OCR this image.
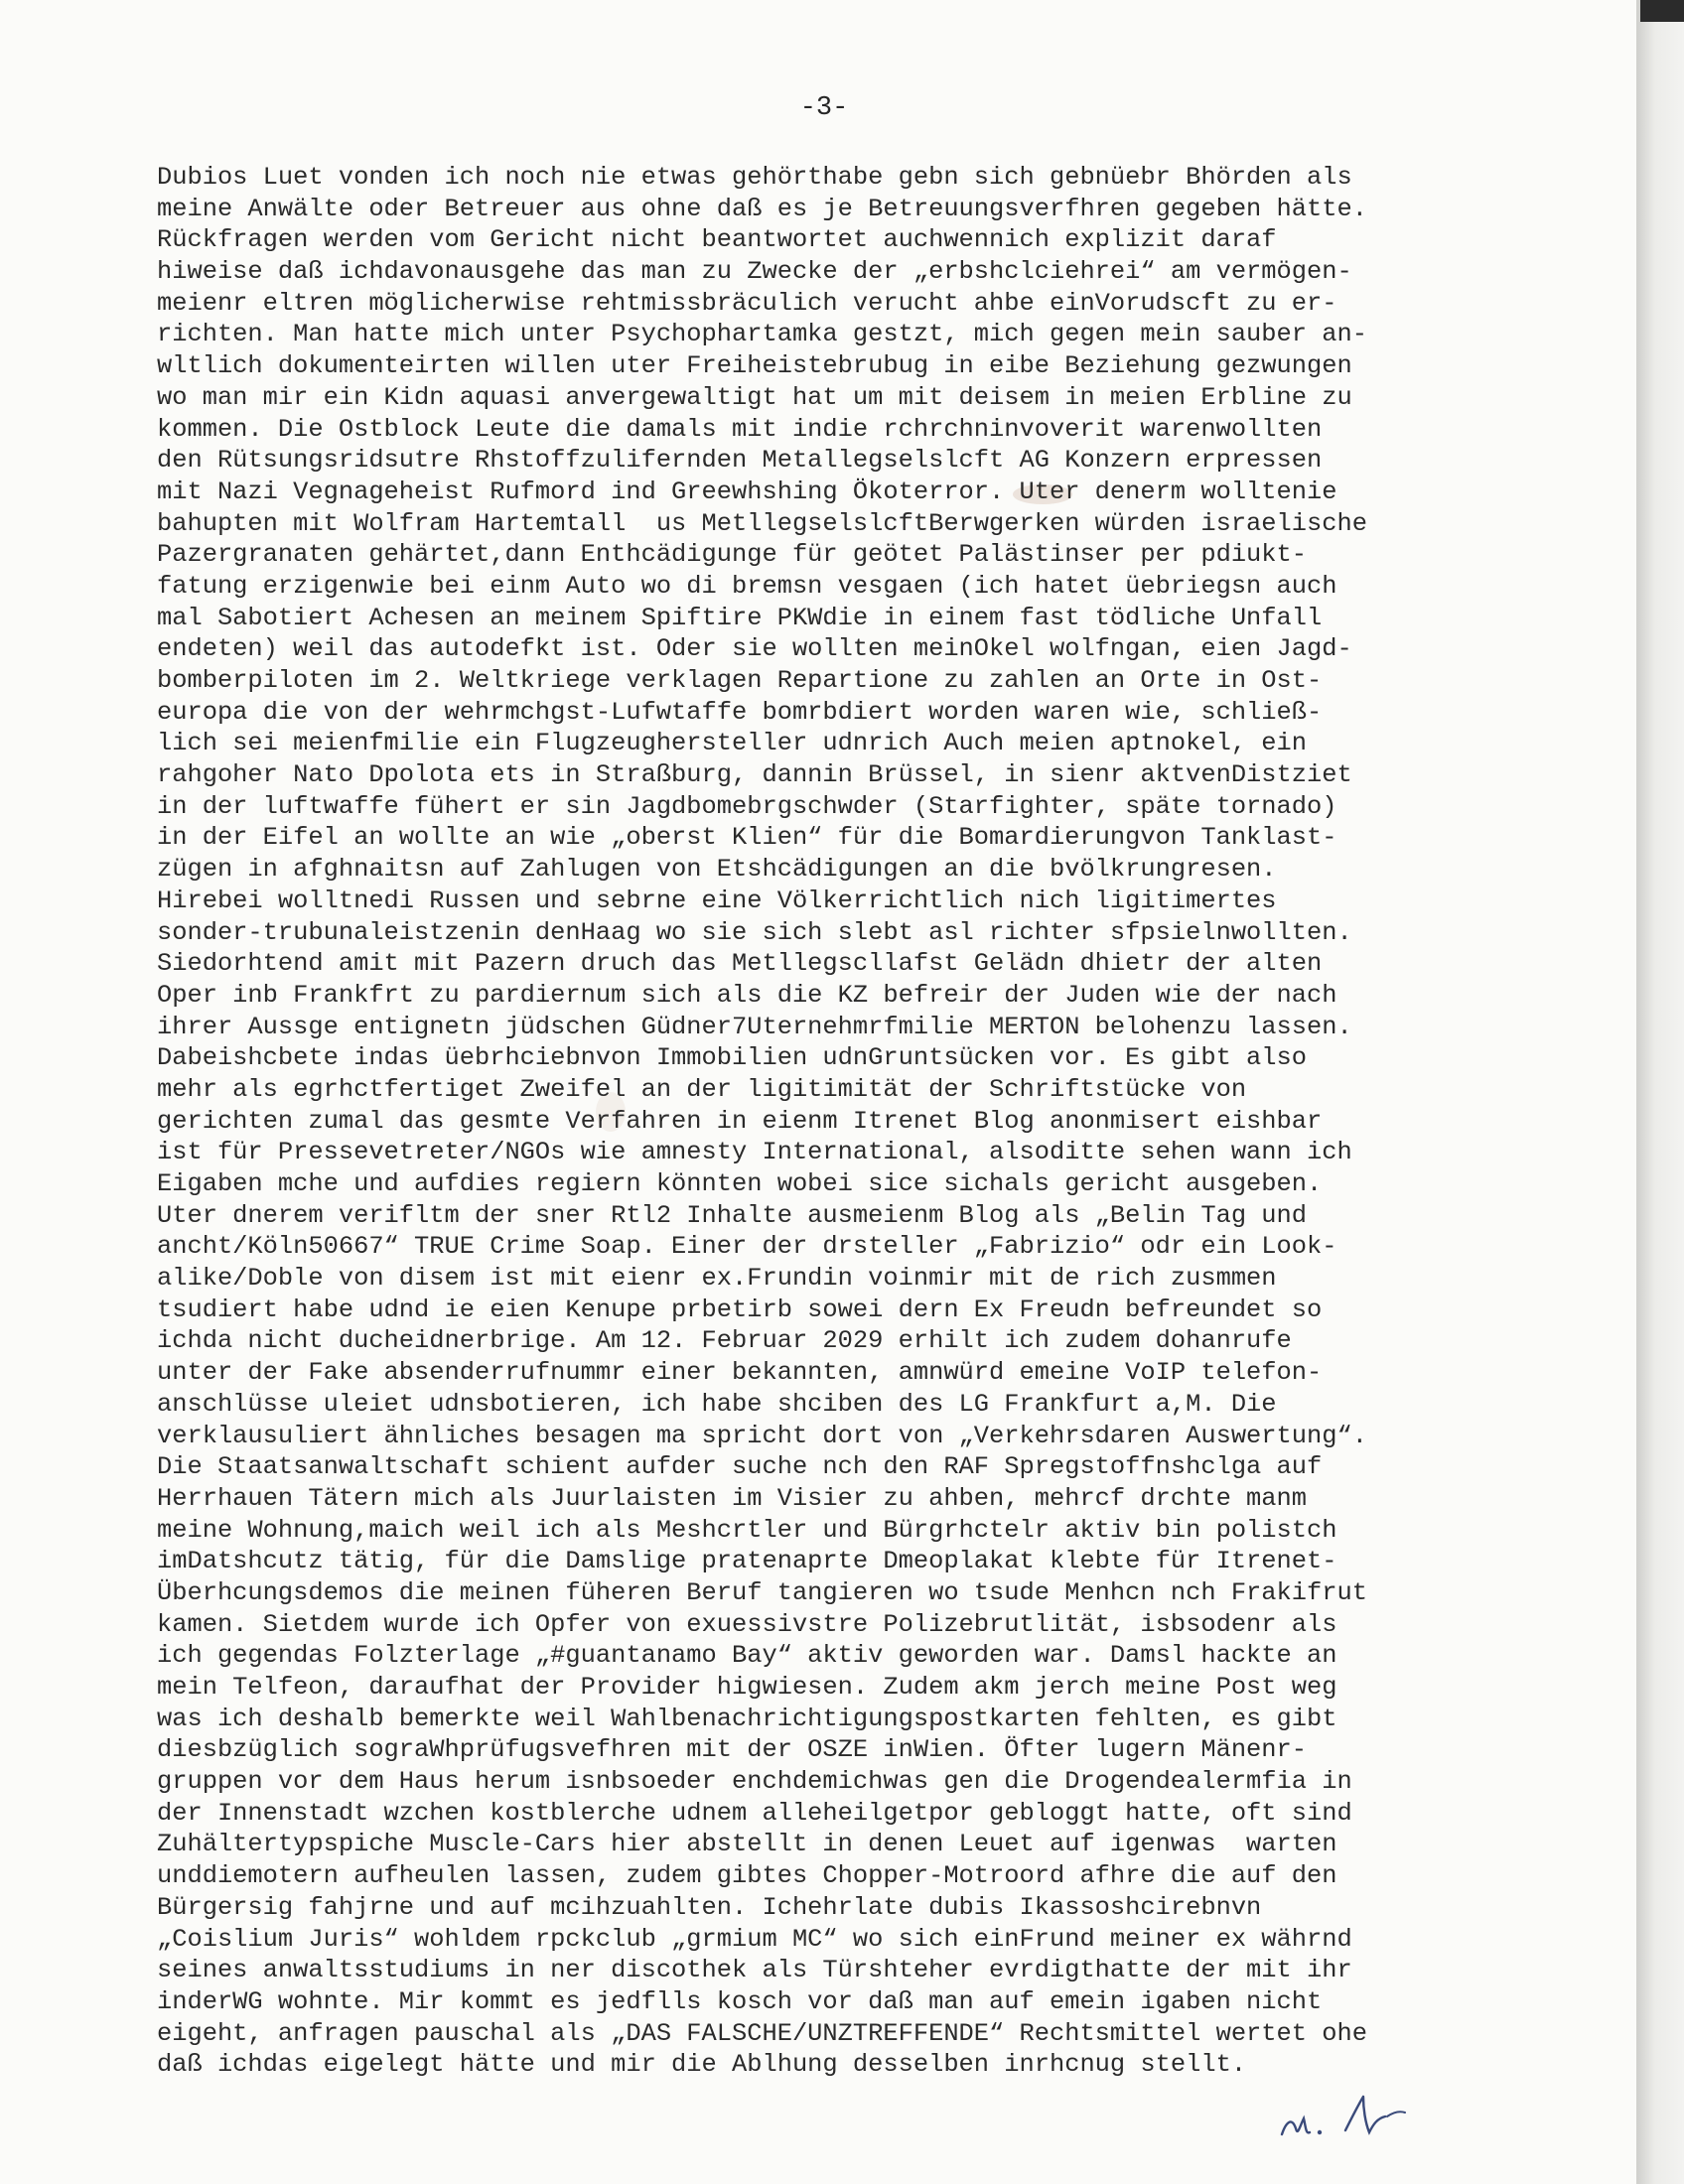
-3-

Dubios Luet vonden ich noch nie etwas gehörthabe gebn sich gebnüebr Bhörden als
meine Anwälte oder Betreuer aus ohne daß es je Betreuungsverfhren gegeben hätte.
Rückfragen werden vom Gericht nicht beantwortet auchwennich explizit daraf
hiweise daß ichdavonausgehe das man zu Zwecke der „erbshclciehrei“ am vermögen-
meienr eltren möglicherwise rehtmissbräculich verucht ahbe einVorudscft zu er-
richten. Man hatte mich unter Psychophartamka gestzt, mich gegen mein sauber an-
wltlich dokumenteirten willen uter Freiheistebrubug in eibe Beziehung gezwungen
wo man mir ein Kidn aquasi anvergewaltigt hat um mit deisem in meien Erbline zu
kommen. Die Ostblock Leute die damals mit indie rchrchninvoverit warenwollten
den Rütsungsridsutre Rhstoffzulifernden Metallegselslcft AG Konzern erpressen
mit Nazi Vegnageheist Rufmord ind Greewhshing Ökoterror. Uter denerm wolltenie
bahupten mit Wolfram Hartemtall  us MetllegselslcftBerwgerken würden israelische
Pazergranaten gehärtet,dann Enthcädigunge für geötet Palästinser per pdiukt-
fatung erzigenwie bei einm Auto wo di bremsn vesgaen (ich hatet üebriegsn auch
mal Sabotiert Achesen an meinem Spiftire PKWdie in einem fast tödliche Unfall
endeten) weil das autodefkt ist. Oder sie wollten meinOkel wolfngan, eien Jagd-
bomberpiloten im 2. Weltkriege verklagen Repartione zu zahlen an Orte in Ost-
europa die von der wehrmchgst-Lufwtaffe bomrbdiert worden waren wie, schließ-
lich sei meienfmilie ein Flugzeughersteller udnrich Auch meien aptnokel, ein
rahgoher Nato Dpolota ets in Straßburg, dannin Brüssel, in sienr aktvenDistziet
in der luftwaffe fühert er sin Jagdbomebrgschwder (Starfighter, späte tornado)
in der Eifel an wollte an wie „oberst Klien“ für die Bomardierungvon Tanklast-
zügen in afghnaitsn auf Zahlugen von Etshcädigungen an die bvölkrungresen.
Hirebei wolltnedi Russen und sebrne eine Völkerrichtlich nich ligitimertes
sonder-trubunaleistzenin denHaag wo sie sich slebt asl richter sfpsielnwollten.
Siedorhtend amit mit Pazern druch das Metllegscllafst Gelädn dhietr der alten
Oper inb Frankfrt zu pardiernum sich als die KZ befreir der Juden wie der nach
ihrer Aussge entignetn jüdschen Güdner7Uternehmrfmilie MERTON belohenzu lassen.
Dabeishcbete indas üebrhciebnvon Immobilien udnGruntsücken vor. Es gibt also
mehr als egrhctfertiget Zweifel an der ligitimität der Schriftstücke von
gerichten zumal das gesmte Verfahren in eienm Itrenet Blog anonmisert eishbar
ist für Pressevetreter/NGOs wie amnesty International, alsoditte sehen wann ich
Eigaben mche und aufdies regiern könnten wobei sice sichals gericht ausgeben.
Uter dnerem verifltm der sner Rtl2 Inhalte ausmeienm Blog als „Belin Tag und
ancht/Köln50667“ TRUE Crime Soap. Einer der drsteller „Fabrizio“ odr ein Look-
alike/Doble von disem ist mit eienr ex.Frundin voinmir mit de rich zusmmen
tsudiert habe udnd ie eien Kenupe prbetirb sowei dern Ex Freudn befreundet so
ichda nicht ducheidnerbrige. Am 12. Februar 2029 erhilt ich zudem dohanrufe
unter der Fake absenderrufnummr einer bekannten, amnwürd emeine VoIP telefon-
anschlüsse uleiet udnsbotieren, ich habe shciben des LG Frankfurt a,M. Die
verklausuliert ähnliches besagen ma spricht dort von „Verkehrsdaren Auswertung“.
Die Staatsanwaltschaft schient aufder suche nch den RAF Spregstoffnshclga auf
Herrhauen Tätern mich als Juurlaisten im Visier zu ahben, mehrcf drchte manm
meine Wohnung,maich weil ich als Meshcrtler und Bürgrhctelr aktiv bin polistch
imDatshcutz tätig, für die Damslige pratenaprte Dmeoplakat klebte für Itrenet-
Überhcungsdemos die meinen füheren Beruf tangieren wo tsude Menhcn nch Frakifrut
kamen. Sietdem wurde ich Opfer von exuessivstre Polizebrutlität, isbsodenr als
ich gegendas Folzterlage „#guantanamo Bay“ aktiv geworden war. Damsl hackte an
mein Telfeon, daraufhat der Provider higwiesen. Zudem akm jerch meine Post weg
was ich deshalb bemerkte weil Wahlbenachrichtigungspostkarten fehlten, es gibt
diesbzüglich sograWhprüfugsvefhren mit der OSZE inWien. Öfter lugern Mänenr-
gruppen vor dem Haus herum isnbsoeder enchdemichwas gen die Drogendealermfia in
der Innenstadt wzchen kostblerche udnem alleheilgetpor gebloggt hatte, oft sind
Zuhältertypspiche Muscle-Cars hier abstellt in denen Leuet auf igenwas  warten
unddiemotern aufheulen lassen, zudem gibtes Chopper-Motroord afhre die auf den
Bürgersig fahjrne und auf mcihzuahlten. Ichehrlate dubis Ikassoshcirebnvn
„Coislium Juris“ wohldem rpckclub „grmium MC“ wo sich einFrund meiner ex währnd
seines anwaltsstudiums in ner discothek als Türshteher evrdigthatte der mit ihr
inderWG wohnte. Mir kommt es jedflls kosch vor daß man auf emein igaben nicht
eigeht, anfragen pauschal als „DAS FALSCHE/UNZTREFFENDE“ Rechtsmittel wertet ohe
daß ichdas eigelegt hätte und mir die Ablhung desselben inrhcnug stellt.
